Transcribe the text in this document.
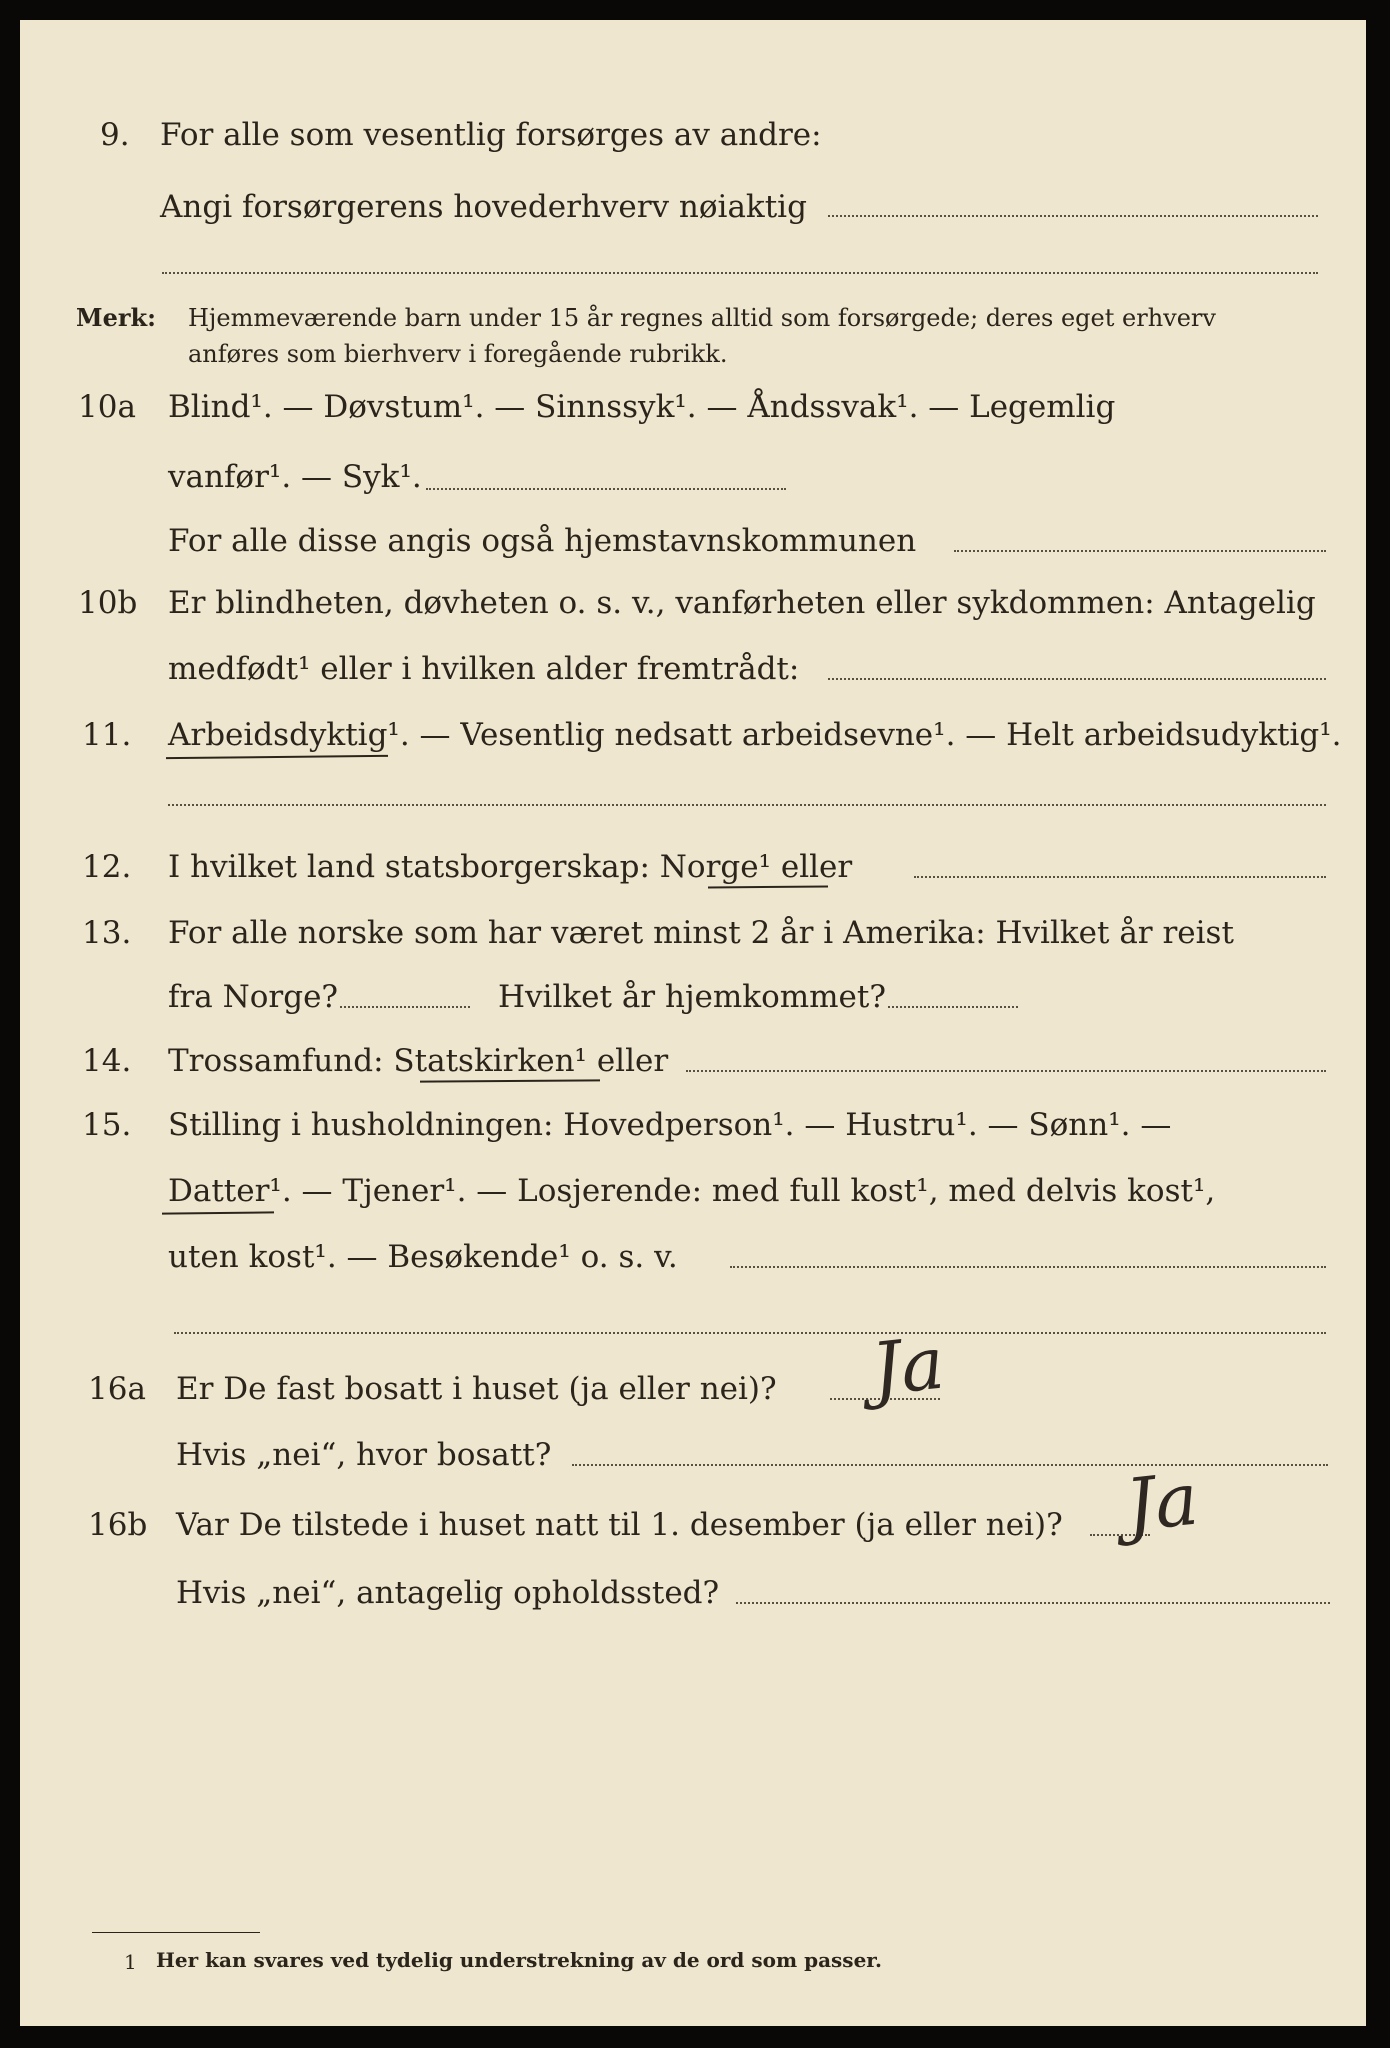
9. For alle som vesentlig forsørges av andre:
Angi forsørgerens hovederhverv nøiaktig
Merk: Hjemmeværende barn under 15 år regnes alltid som forsørgede; deres eget erhverv
anføres som bierhverv i foregående rubrikk.
10a Blind¹. — Døvstum¹. — Sinnssyk¹. — Åndssvak¹. — Legemlig
vanfør¹. — Syk¹.
For alle disse angis også hjemstavnskommunen
10b Er blindheten, døvheten o. s. v., vanførheten eller sykdommen: Antagelig
medfødt¹ eller i hvilken alder fremtrådt:
11. Arbeidsdyktig¹. — Vesentlig nedsatt arbeidsevne¹. — Helt arbeidsudyktig¹.
12. I hvilket land statsborgerskap: Norge¹ eller
13. For alle norske som har været minst 2 år i Amerika: Hvilket år reist
fra Norge?	Hvilket år hjemkommet?
14. Trossamfund: Statskirken¹ eller
15. Stilling i husholdningen: Hovedperson¹. — Hustru¹. — Sønn¹. —
Datter¹. — Tjener¹. — Losjerende: med full kost¹, med delvis kost¹,
uten kost¹. — Besøkende¹ o. s. v.
16a Er De fast bosatt i huset (ja eller nei)? Ja
Hvis „nei“, hvor bosatt?
16b Var De tilstede i huset natt til 1. desember (ja eller nei)? Ja
Hvis „nei“, antagelig opholdssted?
1 Her kan svares ved tydelig understrekning av de ord som passer.
